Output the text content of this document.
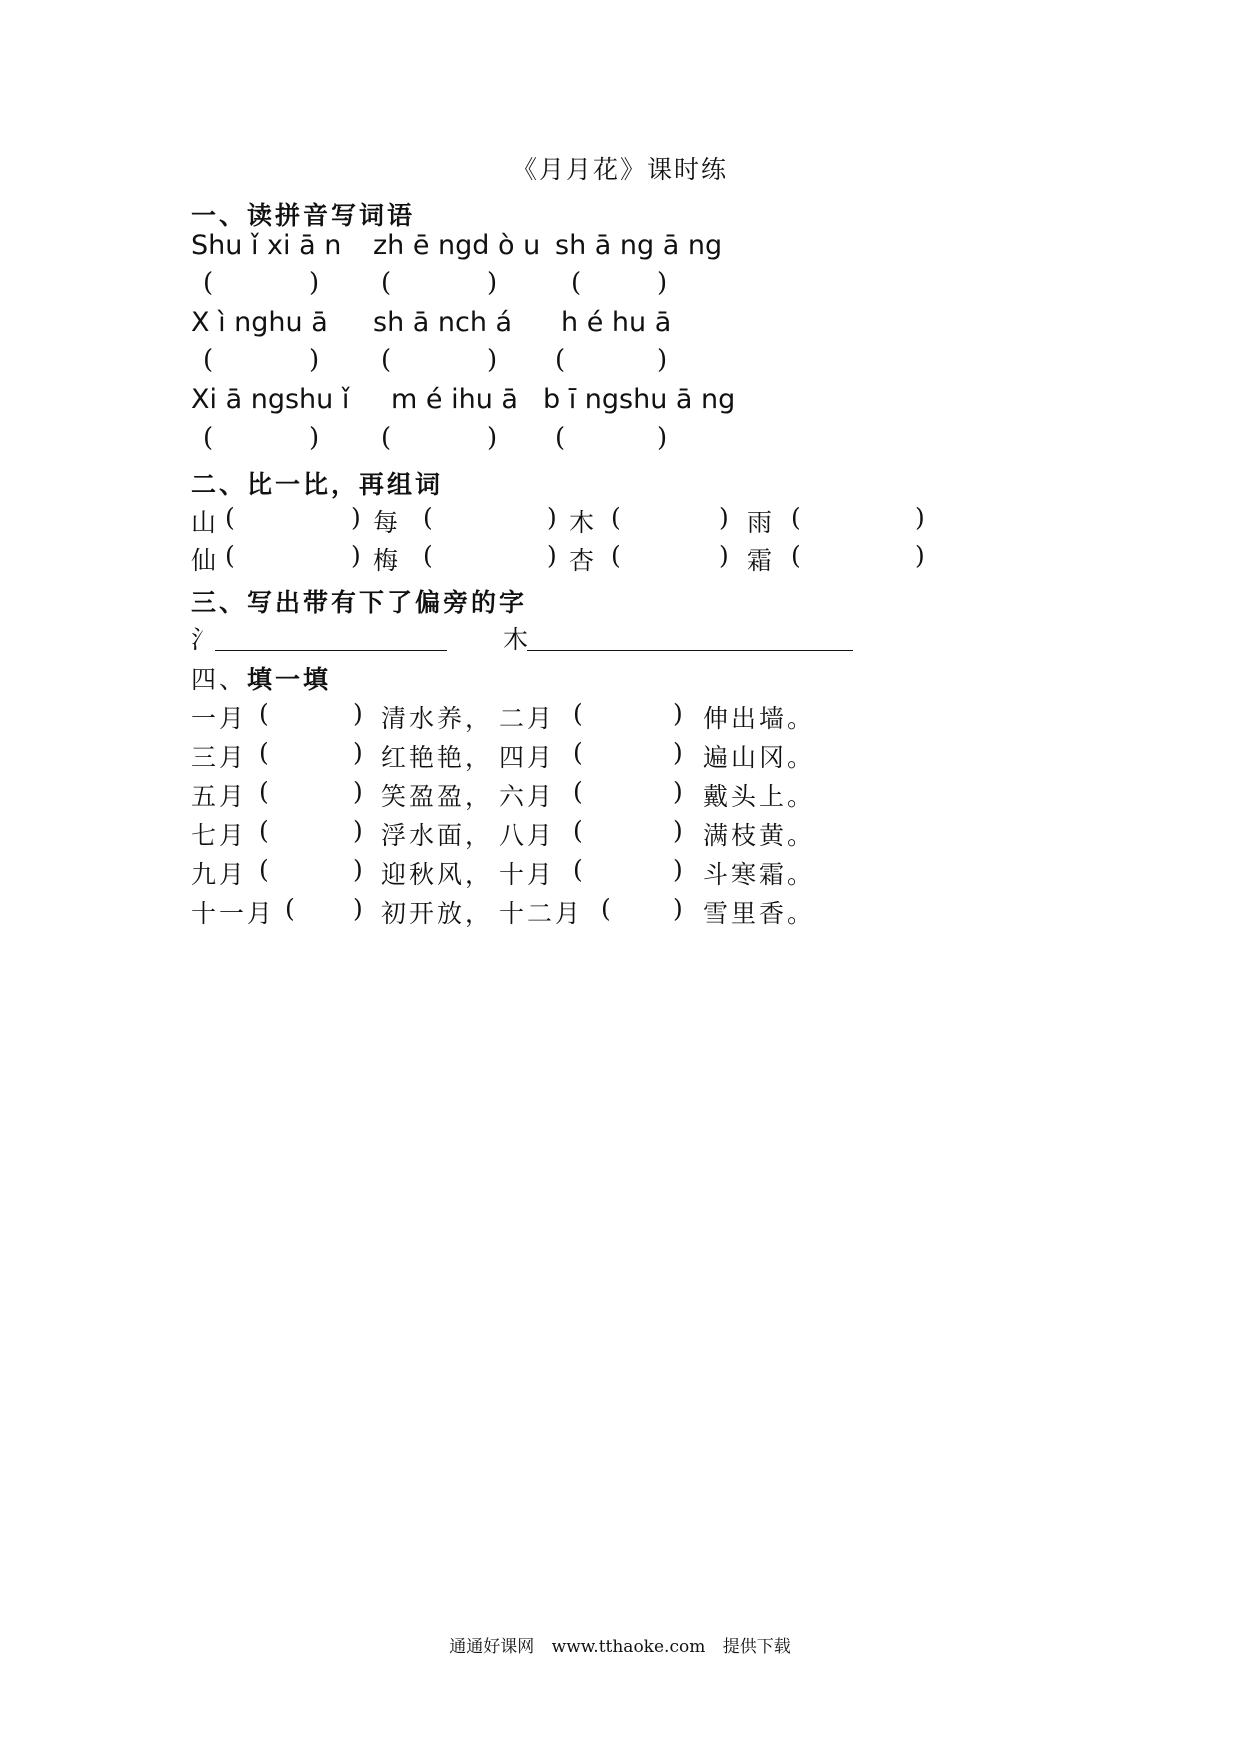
《月月花》课时练
一、读拼音写词语
Shu ǐ xi ā n zh ē ngd ò u sh ā ng ā ng
(	) (	)	(	)
X ì nghu ā sh ā nch á h é hu ā
(	) (	) (	)
Xi ā ngshu ǐ m é ihu ā b ī ngshu ā ng
(	) (	) (	)
二、比一比，再组词
山 (	) 每 (	) 木 (	) 雨 (	)
仙 (	) 梅 (	) 杏 (	) 霜 (	)
三、写出带有下了偏旁的字
氵	木
四、填一填
一月 (	) 清水养， 二月 (	) 伸出墙。
三月 (	) 红艳艳， 四月 (	) 遍山冈。
五月 (	) 笑盈盈， 六月 (	) 戴头上。
七月 (	) 浮水面， 八月 (	) 满枝黄。
九月 (	) 迎秋风， 十月 (	) 斗寒霜。
十一月 ( ) 初开放， 十二月 ( ) 雪里香。
通通好课网 www.tthaoke.com 提供下载
